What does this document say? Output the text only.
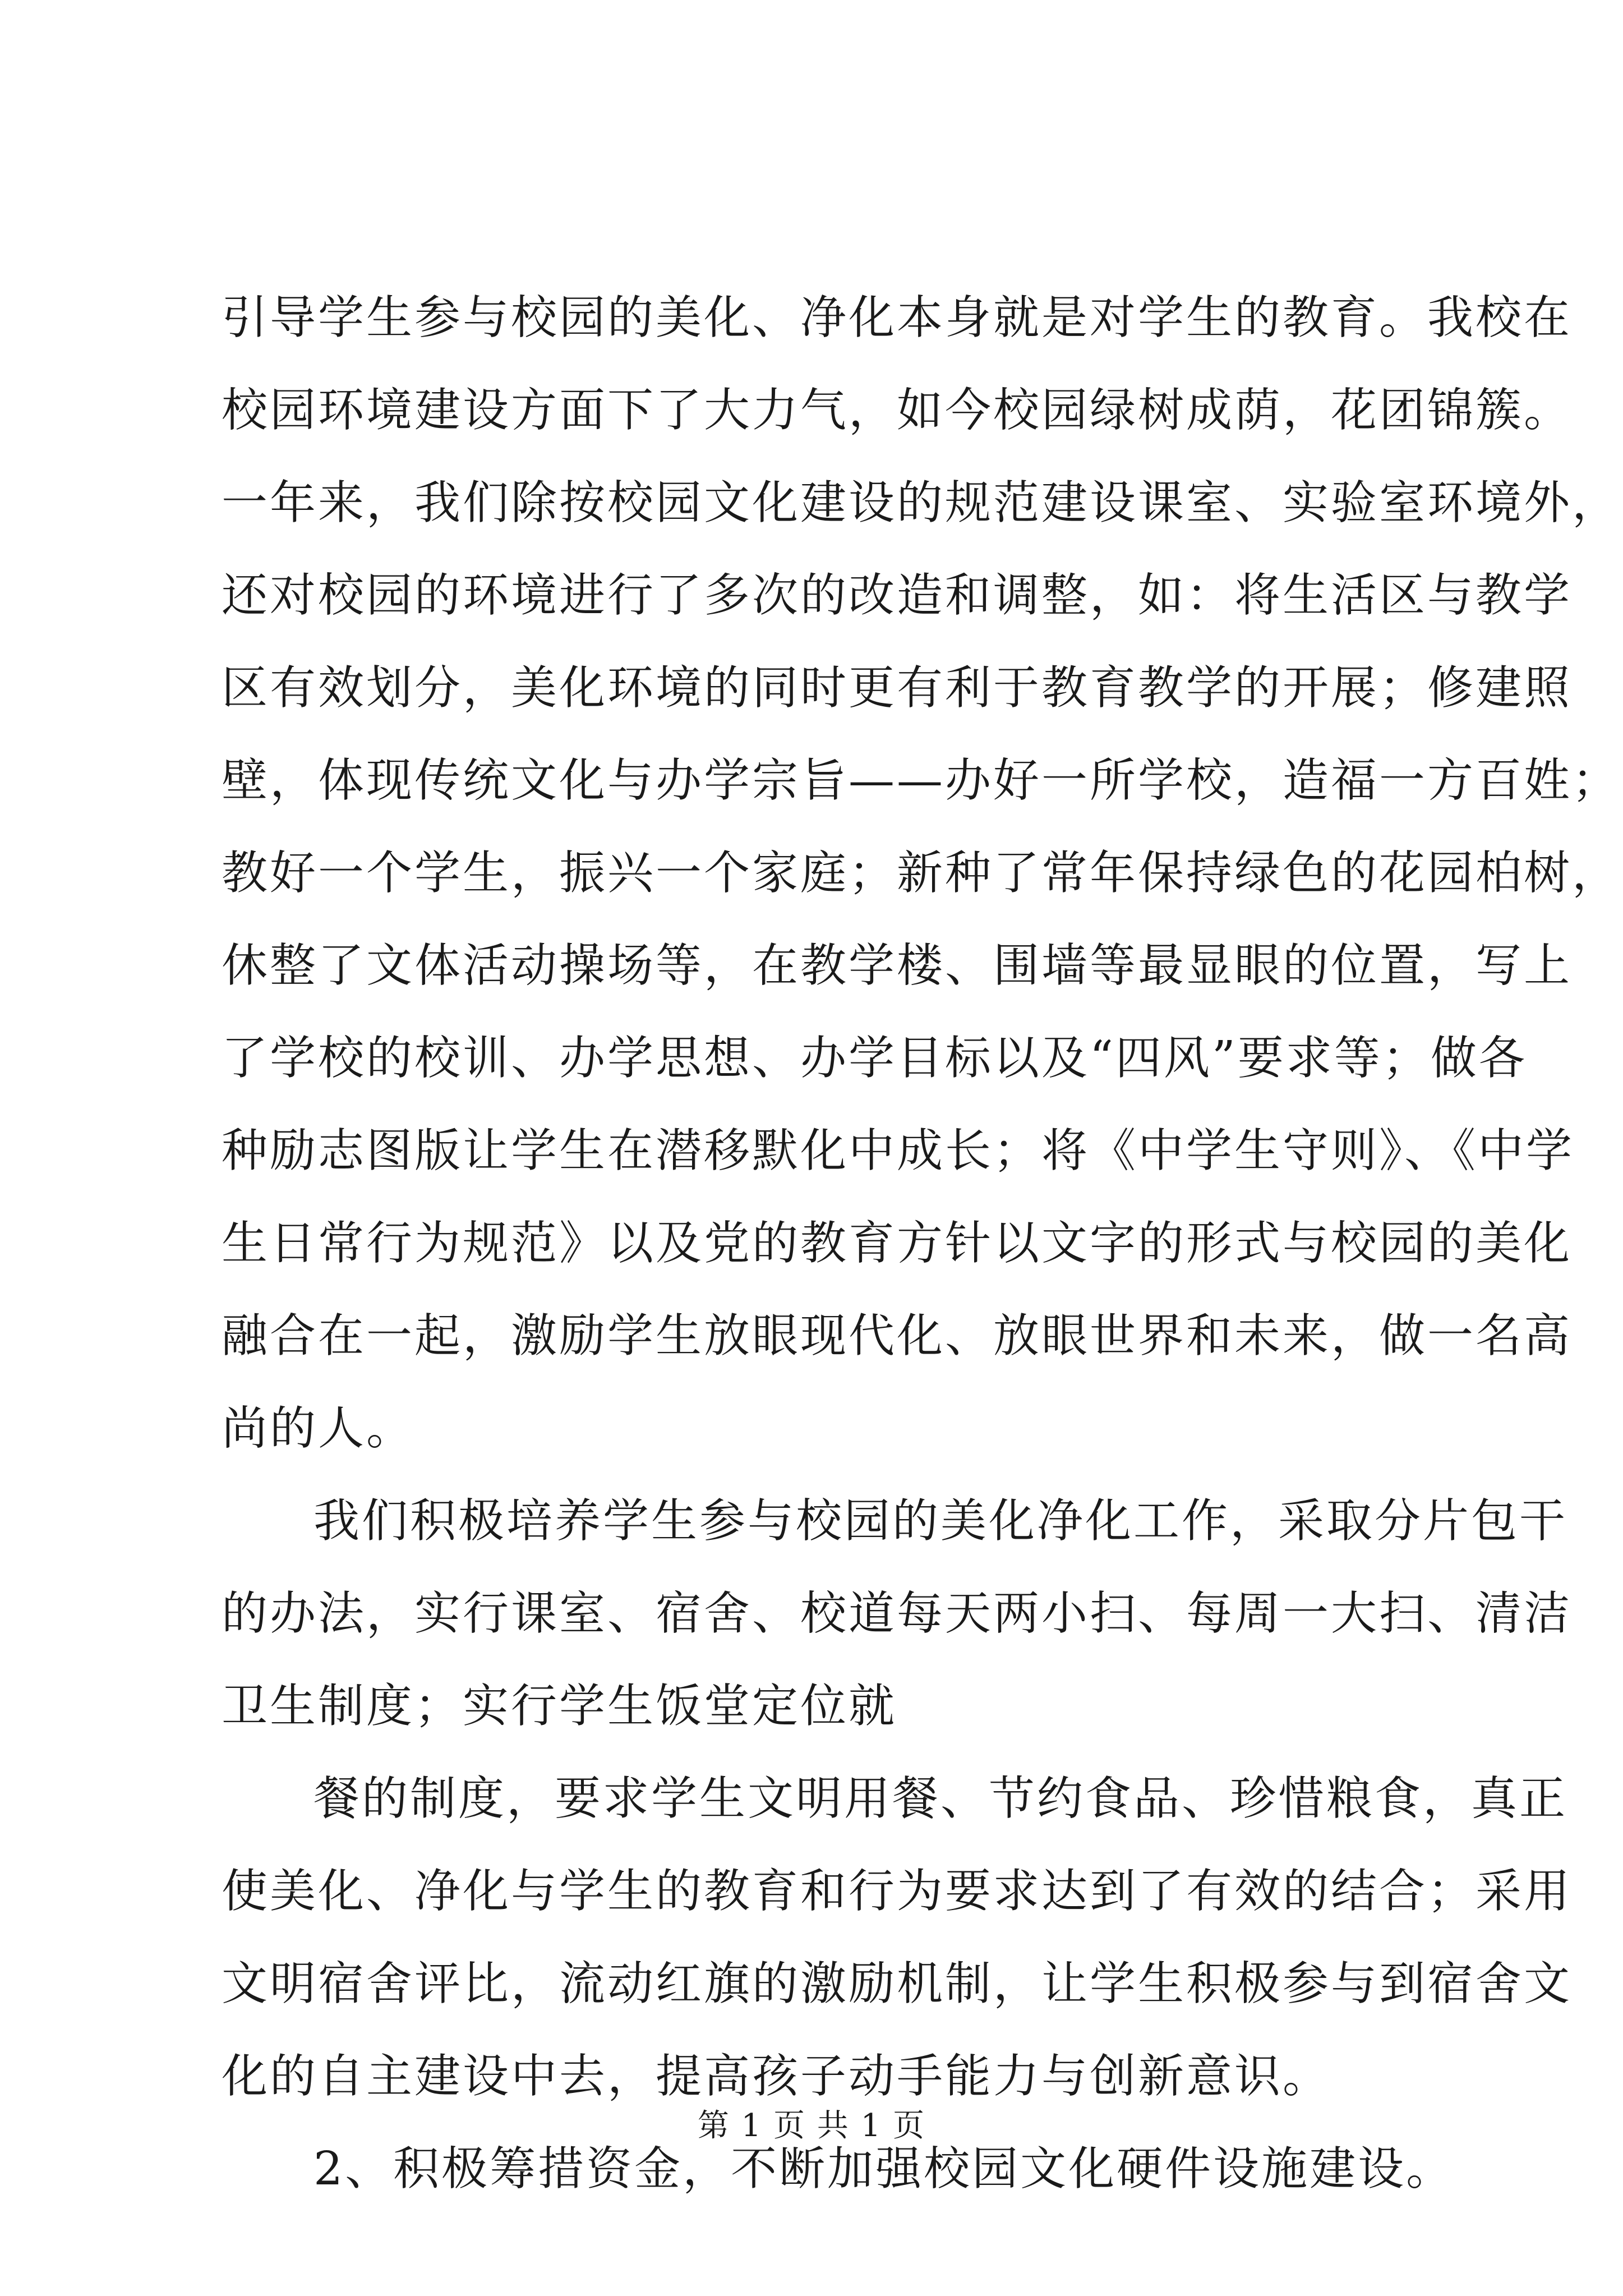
引导学生参与校园的美化、净化本身就是对学生的教育。我校在
校园环境建设方面下了大力气，如今校园绿树成荫，花团锦簇。
一年来，我们除按校园文化建设的规范建设课室、实验室环境外，
还对校园的环境进行了多次的改造和调整，如：将生活区与教学
区有效划分，美化环境的同时更有利于教育教学的开展；修建照
壁，体现传统文化与办学宗旨——办好一所学校，造福一方百姓；
教好一个学生，振兴一个家庭；新种了常年保持绿色的花园柏树，
休整了文体活动操场等，在教学楼、围墙等最显眼的位置，写上
了学校的校训、办学思想、办学目标以及“四风”要求等；做各
种励志图版让学生在潜移默化中成长；将《中学生守则》、《中学
生日常行为规范》以及党的教育方针以文字的形式与校园的美化
融合在一起，激励学生放眼现代化、放眼世界和未来，做一名高
尚的人。

我们积极培养学生参与校园的美化净化工作，采取分片包干
的办法，实行课室、宿舍、校道每天两小扫、每周一大扫、清洁
卫生制度；实行学生饭堂定位就

餐的制度，要求学生文明用餐、节约食品、珍惜粮食，真正
使美化、净化与学生的教育和行为要求达到了有效的结合；采用
文明宿舍评比，流动红旗的激励机制，让学生积极参与到宿舍文
化的自主建设中去，提高孩子动手能力与创新意识。

2、积极筹措资金，不断加强校园文化硬件设施建设。

第 1 页 共 1 页
